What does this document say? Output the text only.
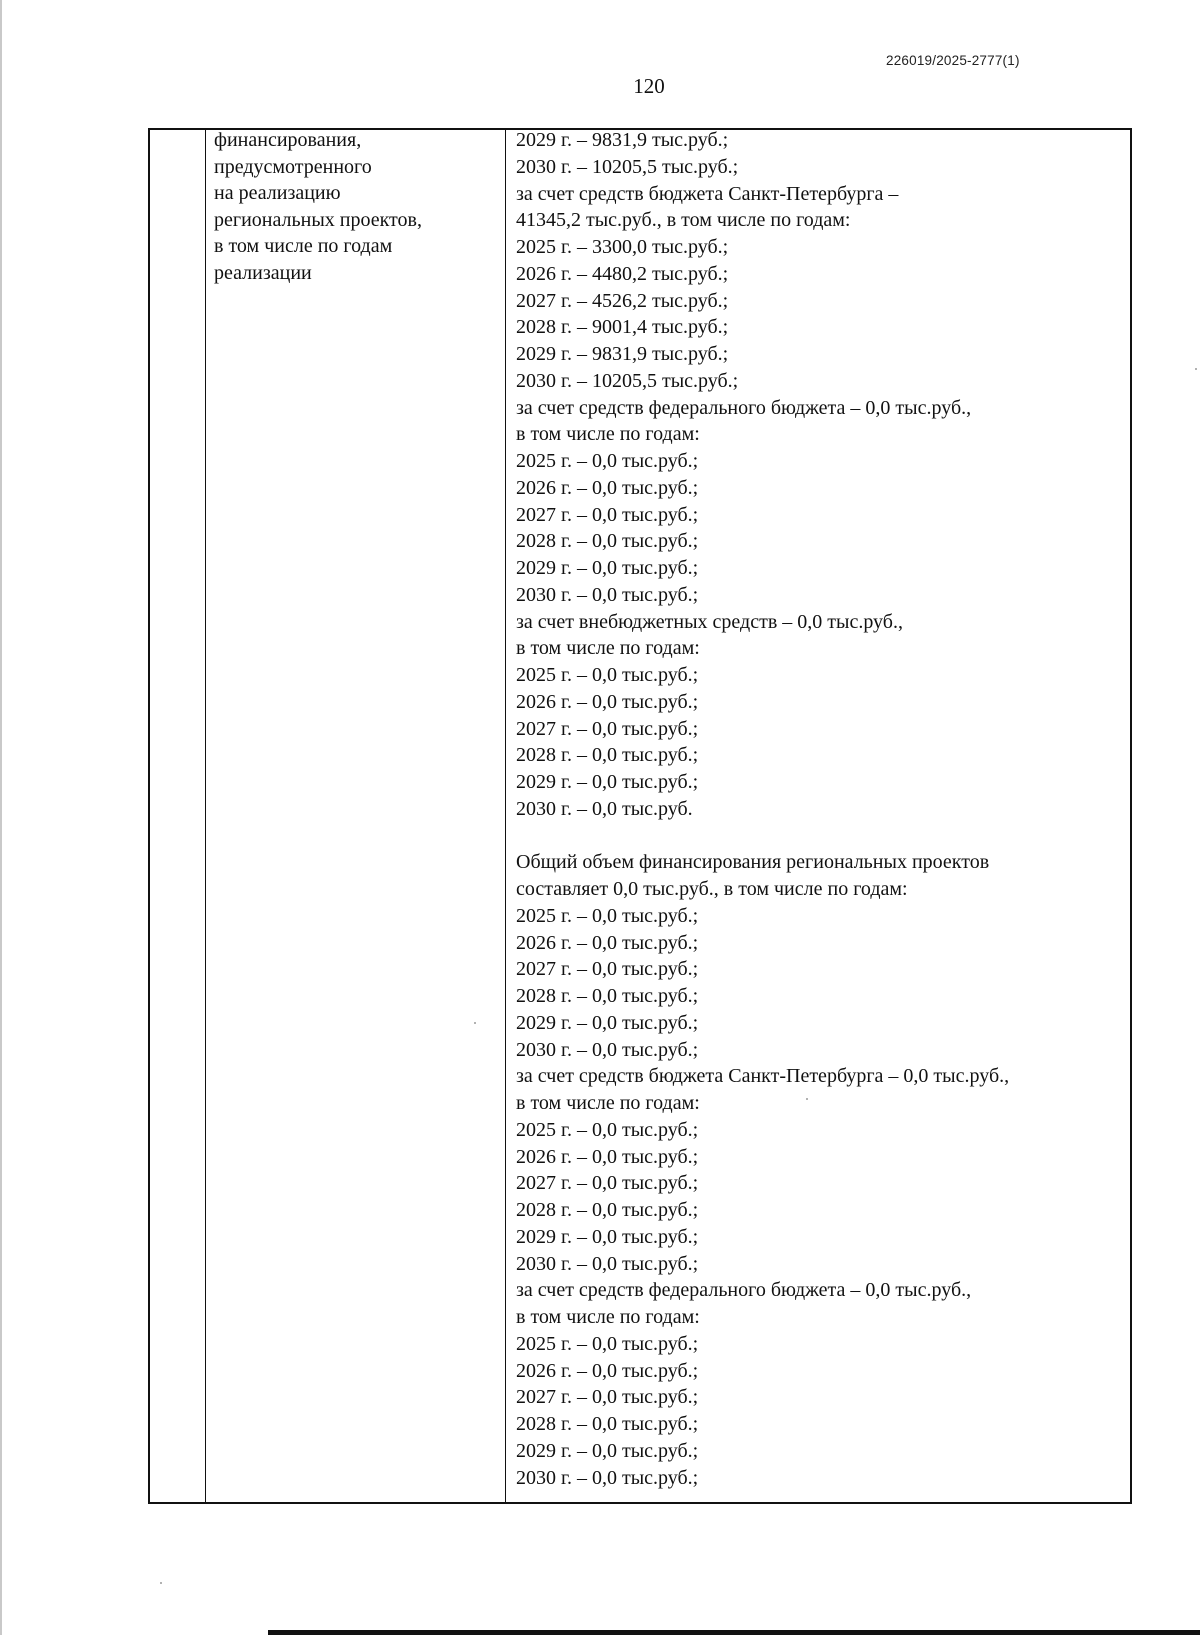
226019/2025-2777(1)
120
финансирования,
предусмотренного
на реализацию
региональных проектов,
в том числе по годам
реализации
2029 г. – 9831,9 тыс.руб.;
2030 г. – 10205,5 тыс.руб.;
за счет средств бюджета Санкт-Петербурга –
41345,2 тыс.руб., в том числе по годам:
2025 г. – 3300,0 тыс.руб.;
2026 г. – 4480,2 тыс.руб.;
2027 г. – 4526,2 тыс.руб.;
2028 г. – 9001,4 тыс.руб.;
2029 г. – 9831,9 тыс.руб.;
2030 г. – 10205,5 тыс.руб.;
за счет средств федерального бюджета – 0,0 тыс.руб.,
в том числе по годам:
2025 г. – 0,0 тыс.руб.;
2026 г. – 0,0 тыс.руб.;
2027 г. – 0,0 тыс.руб.;
2028 г. – 0,0 тыс.руб.;
2029 г. – 0,0 тыс.руб.;
2030 г. – 0,0 тыс.руб.;
за счет внебюджетных средств – 0,0 тыс.руб.,
в том числе по годам:
2025 г. – 0,0 тыс.руб.;
2026 г. – 0,0 тыс.руб.;
2027 г. – 0,0 тыс.руб.;
2028 г. – 0,0 тыс.руб.;
2029 г. – 0,0 тыс.руб.;
2030 г. – 0,0 тыс.руб.
Общий объем финансирования региональных проектов
составляет 0,0 тыс.руб., в том числе по годам:
2025 г. – 0,0 тыс.руб.;
2026 г. – 0,0 тыс.руб.;
2027 г. – 0,0 тыс.руб.;
2028 г. – 0,0 тыс.руб.;
2029 г. – 0,0 тыс.руб.;
2030 г. – 0,0 тыс.руб.;
за счет средств бюджета Санкт-Петербурга – 0,0 тыс.руб.,
в том числе по годам:
2025 г. – 0,0 тыс.руб.;
2026 г. – 0,0 тыс.руб.;
2027 г. – 0,0 тыс.руб.;
2028 г. – 0,0 тыс.руб.;
2029 г. – 0,0 тыс.руб.;
2030 г. – 0,0 тыс.руб.;
за счет средств федерального бюджета – 0,0 тыс.руб.,
в том числе по годам:
2025 г. – 0,0 тыс.руб.;
2026 г. – 0,0 тыс.руб.;
2027 г. – 0,0 тыс.руб.;
2028 г. – 0,0 тыс.руб.;
2029 г. – 0,0 тыс.руб.;
2030 г. – 0,0 тыс.руб.;
